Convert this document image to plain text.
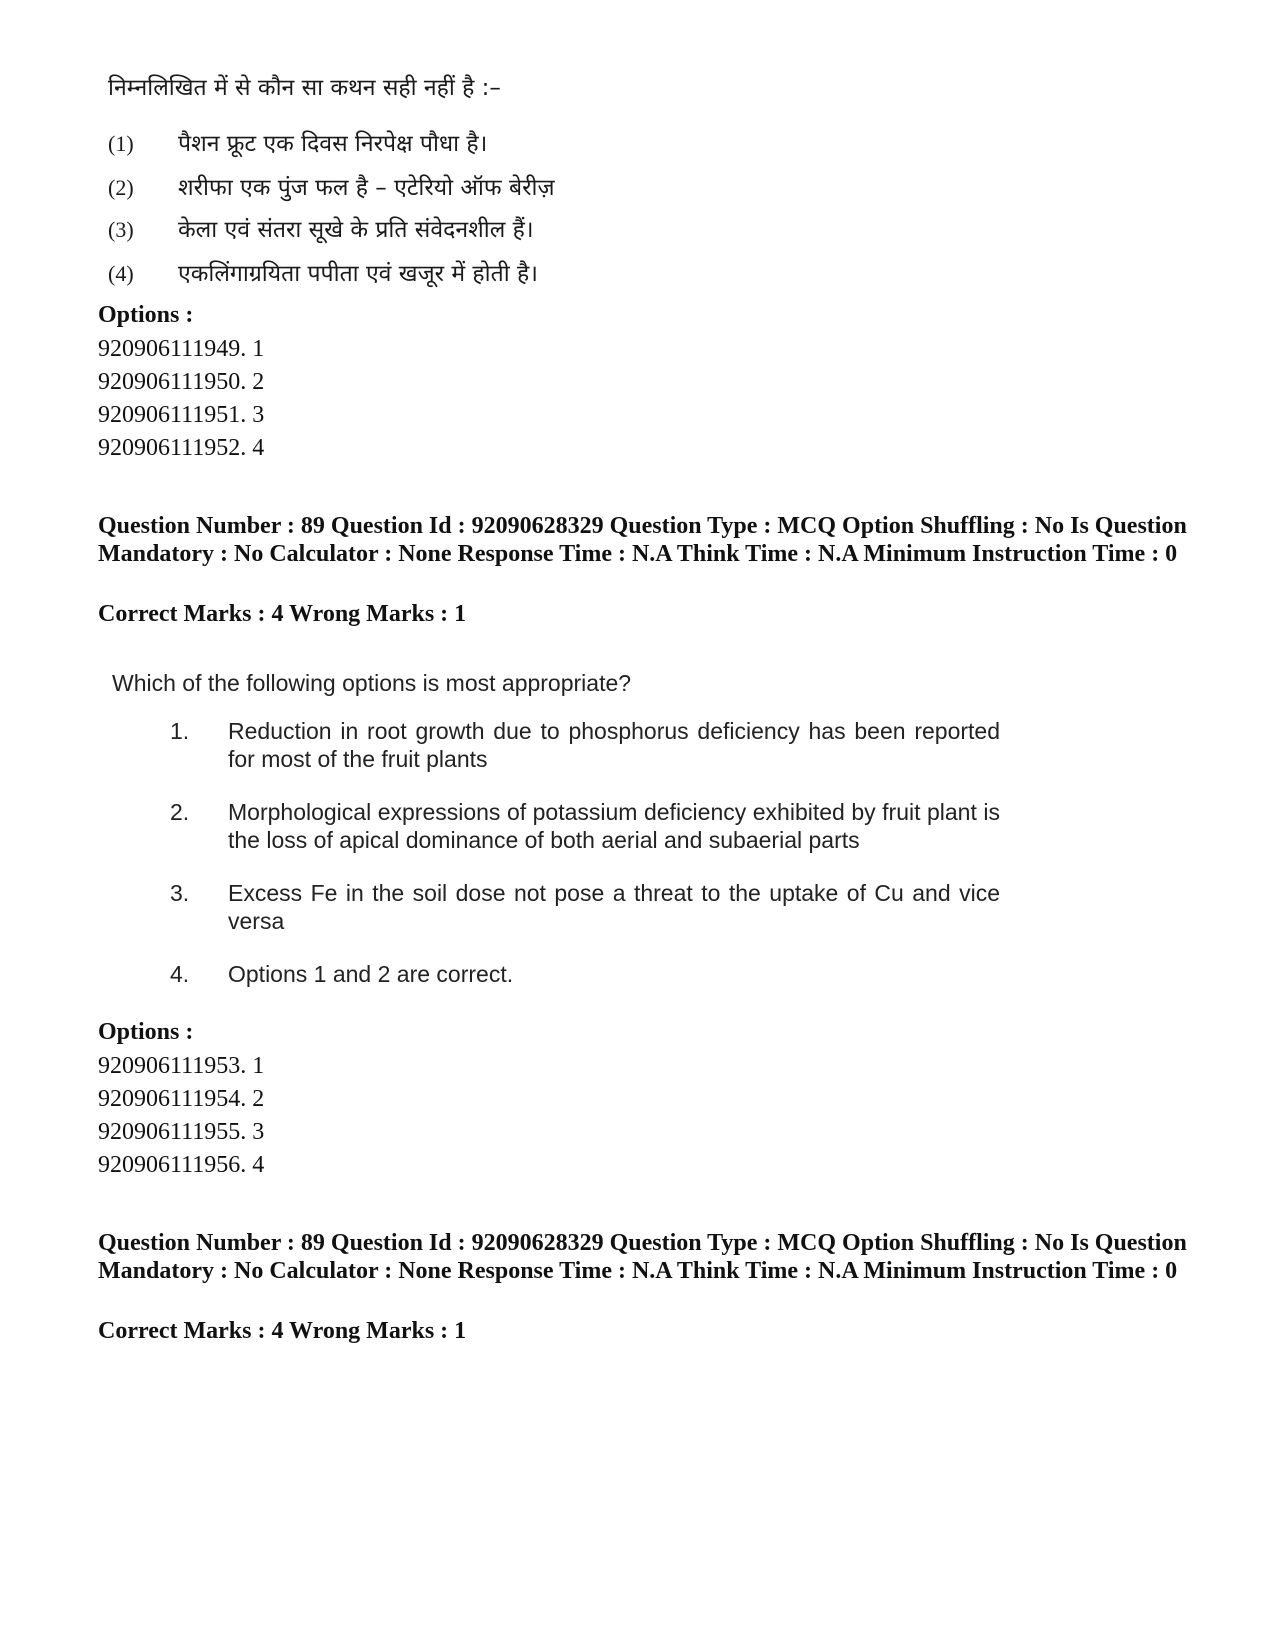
निम्नलिखित में से कौन सा कथन सही नहीं है :–
(1) पैशन फ्रूट एक दिवस निरपेक्ष पौधा है।
(2) शरीफा एक पुंज फल है – एटेरियो ऑफ बेरीज़
(3) केला एवं संतरा सूखे के प्रति संवेदनशील हैं।
(4) एकलिंगाग्रयिता पपीता एवं खजूर में होती है।
Options :
920906111949. 1
920906111950. 2
920906111951. 3
920906111952. 4
Question Number : 89 Question Id : 92090628329 Question Type : MCQ Option Shuffling : No Is Question Mandatory : No Calculator : None Response Time : N.A Think Time : N.A Minimum Instruction Time : 0
Correct Marks : 4 Wrong Marks : 1
Which of the following options is most appropriate?
1.	Reduction in root growth due to phosphorus deficiency has been reported for most of the fruit plants
2.	Morphological expressions of potassium deficiency exhibited by fruit plant is the loss of apical dominance of both aerial and subaerial parts
3.	Excess Fe in the soil dose not pose a threat to the uptake of Cu and vice versa
4.	Options 1 and 2 are correct.
Options :
920906111953. 1
920906111954. 2
920906111955. 3
920906111956. 4
Question Number : 89 Question Id : 92090628329 Question Type : MCQ Option Shuffling : No Is Question Mandatory : No Calculator : None Response Time : N.A Think Time : N.A Minimum Instruction Time : 0
Correct Marks : 4 Wrong Marks : 1
